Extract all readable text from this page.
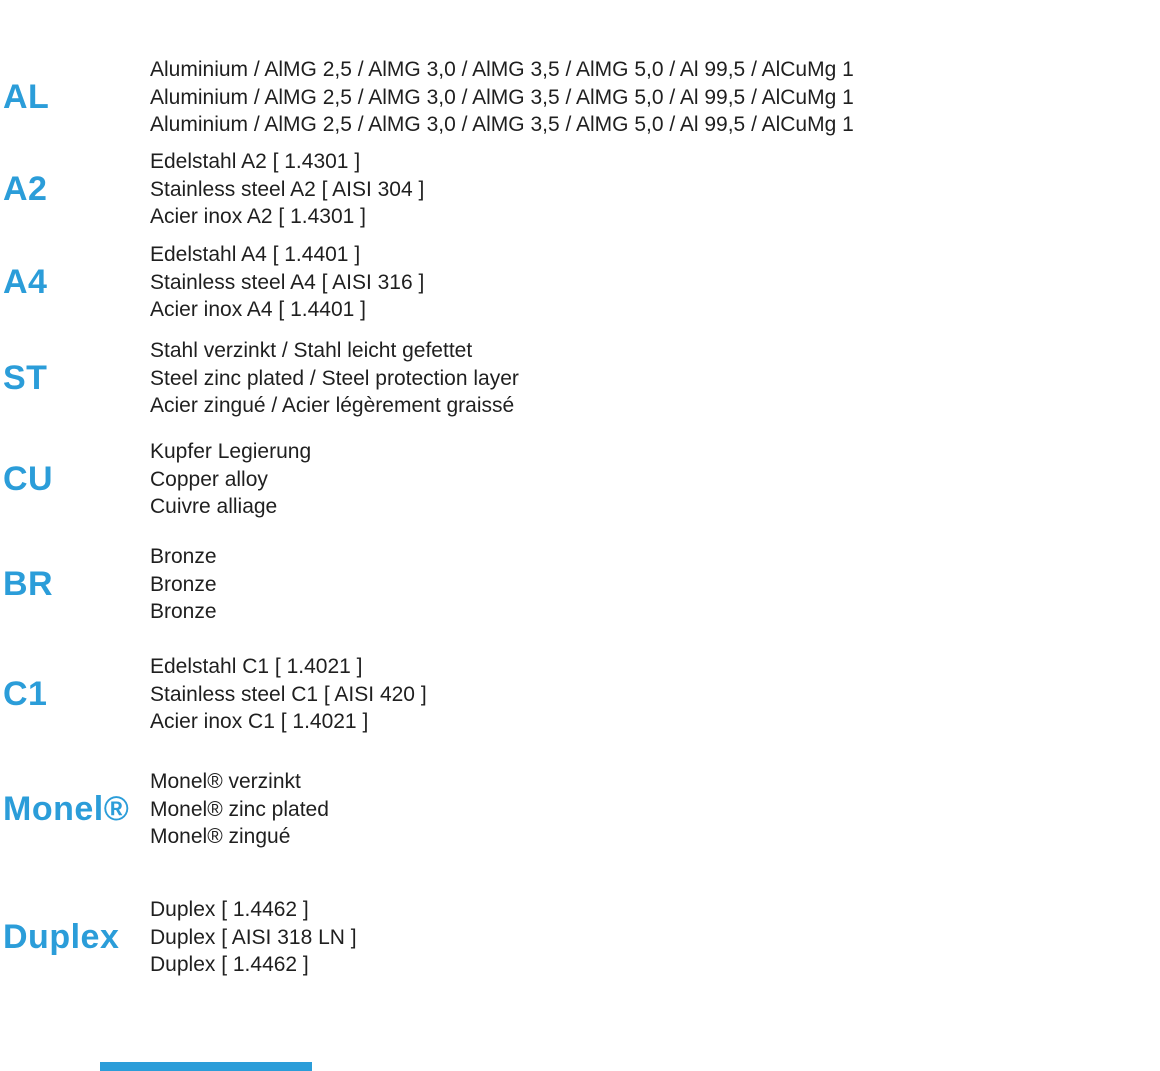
AL
Aluminium / AlMG 2,5 / AlMG 3,0 / AlMG 3,5 / AlMG 5,0 / Al 99,5 / AlCuMg 1
Aluminium / AlMG 2,5 / AlMG 3,0 / AlMG 3,5 / AlMG 5,0 / Al 99,5 / AlCuMg 1
Aluminium / AlMG 2,5 / AlMG 3,0 / AlMG 3,5 / AlMG 5,0 / Al 99,5 / AlCuMg 1
A2
Edelstahl A2 [ 1.4301 ]
Stainless steel A2 [ AISI 304 ]
Acier inox A2 [ 1.4301 ]
A4
Edelstahl A4 [ 1.4401 ]
Stainless steel A4 [ AISI 316 ]
Acier inox A4 [ 1.4401 ]
ST
Stahl verzinkt / Stahl leicht gefettet
Steel zinc plated / Steel protection layer
Acier zingué / Acier légèrement graissé
CU
Kupfer Legierung
Copper alloy
Cuivre alliage
BR
Bronze
Bronze
Bronze
C1
Edelstahl C1 [ 1.4021 ]
Stainless steel C1 [ AISI 420 ]
Acier inox C1 [ 1.4021 ]
Monel®
Monel® verzinkt
Monel® zinc plated
Monel® zingué
Duplex
Duplex [ 1.4462 ]
Duplex [ AISI 318 LN ]
Duplex [ 1.4462 ]
